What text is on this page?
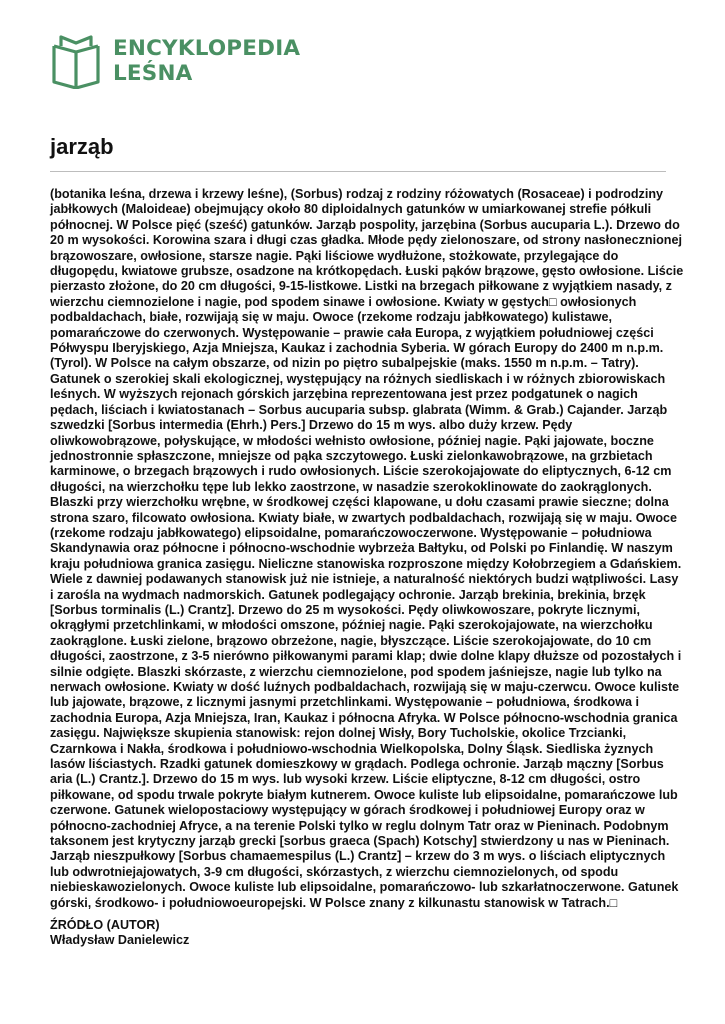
ENCYKLOPEDIA
LEŚNA
jarząb

(botanika leśna, drzewa i krzewy leśne), (Sorbus) rodzaj z rodziny różowatych (Rosaceae) i podrodziny
jabłkowych (Maloideae) obejmujący około 80 diploidalnych gatunków w umiarkowanej strefie półkuli
północnej. W Polsce pięć (sześć) gatunków. Jarząb pospolity, jarzębina (Sorbus aucuparia L.). Drzewo do
20 m wysokości. Korowina szara i długi czas gładka. Młode pędy zielonoszare, od strony nasłonecznionej
brązowoszare, owłosione, starsze nagie. Pąki liściowe wydłużone, stożkowate, przylegające do
długopędu, kwiatowe grubsze, osadzone na krótkopędach. Łuski pąków brązowe, gęsto owłosione. Liście
pierzasto złożone, do 20 cm długości, 9-15-listkowe. Listki na brzegach piłkowane z wyjątkiem nasady, z
wierzchu ciemnozielone i nagie, pod spodem sinawe i owłosione. Kwiaty w gęstych□ owłosionych
podbaldachach, białe, rozwijają się w maju. Owoce (rzekome rodzaju jabłkowatego) kulistawe,
pomarańczowe do czerwonych. Występowanie – prawie cała Europa, z wyjątkiem południowej części
Półwyspu Iberyjskiego, Azja Mniejsza, Kaukaz i zachodnia Syberia. W górach Europy do 2400 m n.p.m.
(Tyrol). W Polsce na całym obszarze, od nizin po piętro subalpejskie (maks. 1550 m n.p.m. – Tatry).
Gatunek o szerokiej skali ekologicznej, występujący na różnych siedliskach i w różnych zbiorowiskach
leśnych. W wyższych rejonach górskich jarzębina reprezentowana jest przez podgatunek o nagich
pędach, liściach i kwiatostanach – Sorbus aucuparia subsp. glabrata (Wimm. & Grab.) Cajander. Jarząb
szwedzki [Sorbus intermedia (Ehrh.) Pers.] Drzewo do 15 m wys. albo duży krzew. Pędy
oliwkowobrązowe, połyskujące, w młodości wełnisto owłosione, później nagie. Pąki jajowate, boczne
jednostronnie spłaszczone, mniejsze od pąka szczytowego. Łuski zielonkawobrązowe, na grzbietach
karminowe, o brzegach brązowych i rudo owłosionych. Liście szerokojajowate do eliptycznych, 6-12 cm
długości, na wierzchołku tępe lub lekko zaostrzone, w nasadzie szerokoklinowate do zaokrąglonych.
Blaszki przy wierzchołku wrębne, w środkowej części klapowane, u dołu czasami prawie sieczne; dolna
strona szaro, filcowato owłosiona. Kwiaty białe, w zwartych podbaldachach, rozwijają się w maju. Owoce
(rzekome rodzaju jabłkowatego) elipsoidalne, pomarańczowoczerwone. Występowanie – południowa
Skandynawia oraz północne i północno-wschodnie wybrzeża Bałtyku, od Polski po Finlandię. W naszym
kraju południowa granica zasięgu. Nieliczne stanowiska rozproszone między Kołobrzegiem a Gdańskiem.
Wiele z dawniej podawanych stanowisk już nie istnieje, a naturalność niektórych budzi wątpliwości. Lasy
i zarośla na wydmach nadmorskich. Gatunek podlegający ochronie. Jarząb brekinia, brekinia, brzęk
[Sorbus torminalis (L.) Crantz]. Drzewo do 25 m wysokości. Pędy oliwkowoszare, pokryte licznymi,
okrągłymi przetchlinkami, w młodości omszone, później nagie. Pąki szerokojajowate, na wierzchołku
zaokrąglone. Łuski zielone, brązowo obrzeżone, nagie, błyszczące. Liście szerokojajowate, do 10 cm
długości, zaostrzone, z 3-5 nierówno piłkowanymi parami klap; dwie dolne klapy dłuższe od pozostałych i
silnie odgięte. Blaszki skórzaste, z wierzchu ciemnozielone, pod spodem jaśniejsze, nagie lub tylko na
nerwach owłosione. Kwiaty w dość luźnych podbaldachach, rozwijają się w maju-czerwcu. Owoce kuliste
lub jajowate, brązowe, z licznymi jasnymi przetchlinkami. Występowanie – południowa, środkowa i
zachodnia Europa, Azja Mniejsza, Iran, Kaukaz i północna Afryka. W Polsce północno-wschodnia granica
zasięgu. Największe skupienia stanowisk: rejon dolnej Wisły, Bory Tucholskie, okolice Trzcianki,
Czarnkowa i Nakła, środkowa i południowo-wschodnia Wielkopolska, Dolny Śląsk. Siedliska żyznych
lasów liściastych. Rzadki gatunek domieszkowy w grądach. Podlega ochronie. Jarząb mączny [Sorbus
aria (L.) Crantz.]. Drzewo do 15 m wys. lub wysoki krzew. Liście eliptyczne, 8-12 cm długości, ostro
piłkowane, od spodu trwale pokryte białym kutnerem. Owoce kuliste lub elipsoidalne, pomarańczowe lub
czerwone. Gatunek wielopostaciowy występujący w górach środkowej i południowej Europy oraz w
północno-zachodniej Afryce, a na terenie Polski tylko w reglu dolnym Tatr oraz w Pieninach. Podobnym
taksonem jest krytyczny jarząb grecki [sorbus graeca (Spach) Kotschy] stwierdzony u nas w Pieninach.
Jarząb nieszpułkowy [Sorbus chamaemespilus (L.) Crantz] – krzew do 3 m wys. o liściach eliptycznych
lub odwrotniejajowatych, 3-9 cm długości, skórzastych, z wierzchu ciemnozielonych, od spodu
niebieskawozielonych. Owoce kuliste lub elipsoidalne, pomarańczowo- lub szkarłatnoczerwone. Gatunek
górski, środkowo- i południowoeuropejski. W Polsce znany z kilkunastu stanowisk w Tatrach.□

ŹRÓDŁO (AUTOR)
Władysław Danielewicz
